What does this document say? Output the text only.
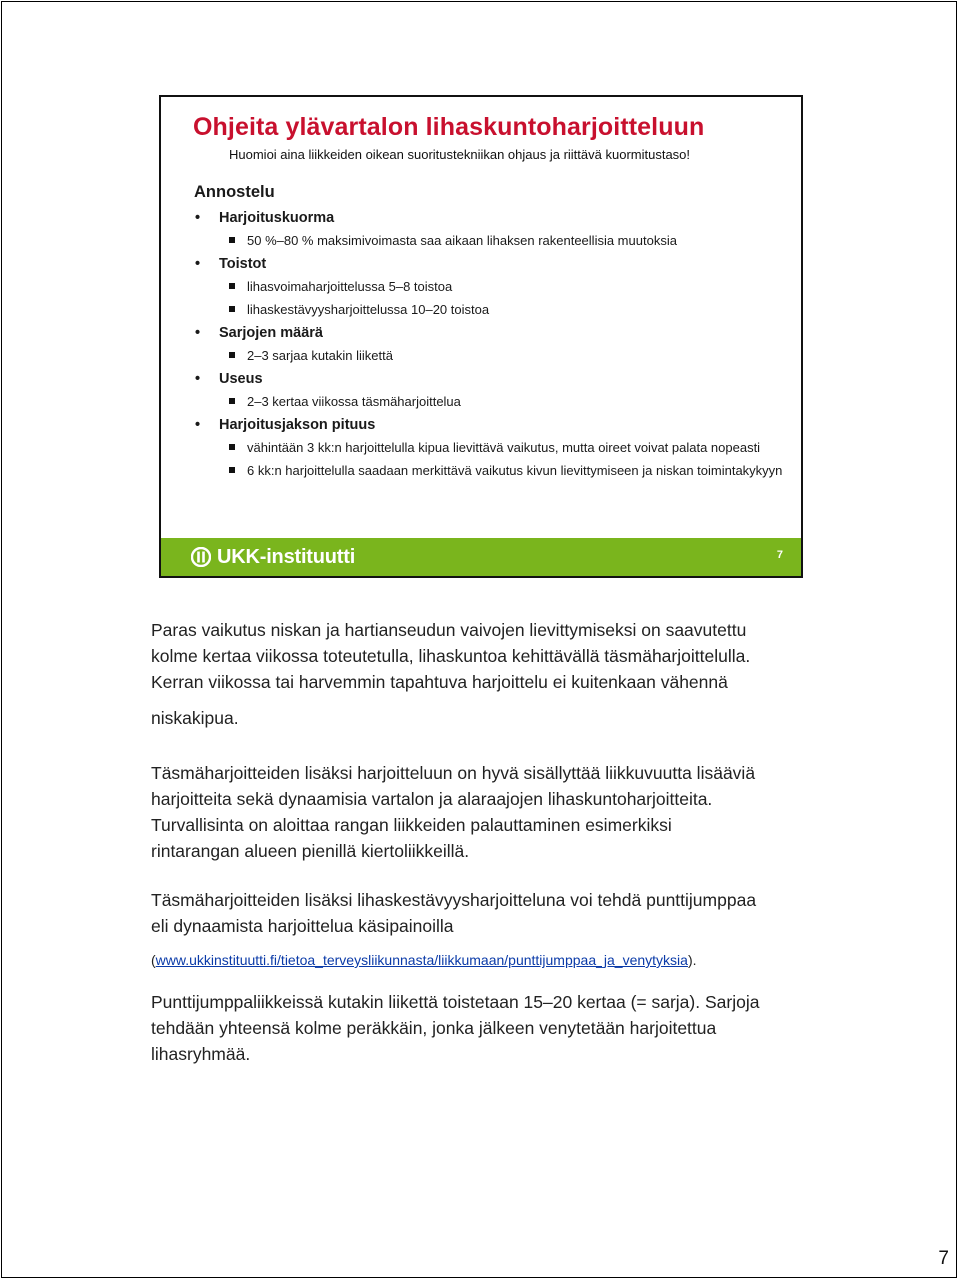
Ohjeita ylävartalon lihaskuntoharjoitteluun
Huomioi aina liikkeiden oikean suoritustekniikan ohjaus ja riittävä kuormitustaso!
Annostelu
• Harjoituskuorma
50 %–80 % maksimivoimasta saa aikaan lihaksen rakenteellisia muutoksia
• Toistot
lihasvoimaharjoittelussa 5–8 toistoa
lihaskestävyysharjoittelussa 10–20 toistoa
• Sarjojen määrä
2–3 sarjaa kutakin liikettä
• Useus
2–3 kertaa viikossa täsmäharjoittelua
• Harjoitusjakson pituus
vähintään 3 kk:n harjoittelulla kipua lievittävä vaikutus, mutta oireet voivat palata nopeasti
6 kk:n harjoittelulla saadaan merkittävä vaikutus kivun lievittymiseen ja niskan toimintakykyyn
UKK-instituutti	7

Paras vaikutus niskan ja hartianseudun vaivojen lievittymiseksi on saavutettu
kolme kertaa viikossa toteutetulla, lihaskuntoa kehittävällä täsmäharjoittelulla.
Kerran viikossa tai harvemmin tapahtuva harjoittelu ei kuitenkaan vähennä
niskakipua.

Täsmäharjoitteiden lisäksi harjoitteluun on hyvä sisällyttää liikkuvuutta lisääviä
harjoitteita sekä dynaamisia vartalon ja alaraajojen lihaskuntoharjoitteita.
Turvallisinta on aloittaa rangan liikkeiden palauttaminen esimerkiksi
rintarangan alueen pienillä kiertoliikkeillä.

Täsmäharjoitteiden lisäksi lihaskestävyysharjoitteluna voi tehdä punttijumppaa
eli dynaamista harjoittelua käsipainoilla

(www.ukkinstituutti.fi/tietoa_terveysliikunnasta/liikkumaan/punttijumppaa_ja_venytyksia).

Punttijumppaliikkeissä kutakin liikettä toistetaan 15–20 kertaa (= sarja). Sarjoja
tehdään yhteensä kolme peräkkäin, jonka jälkeen venytetään harjoitettua
lihasryhmää.

7
